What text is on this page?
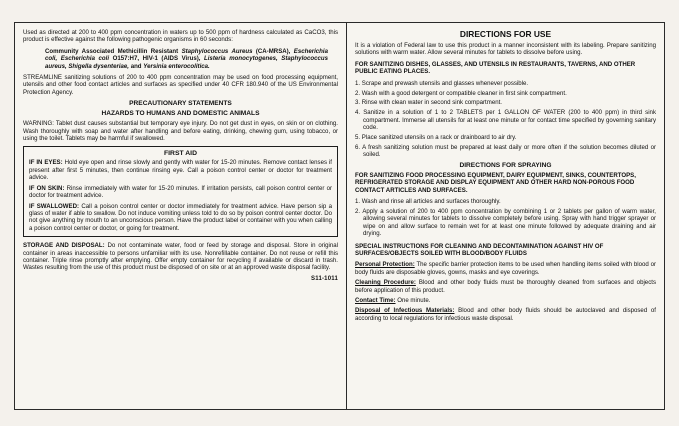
Used as directed at 200 to 400 ppm concentration in waters up to 500 ppm of hardness calculated as CaCO3, this product is effective against the following pathogenic organisms in 60 seconds:

Community Associated Methicillin Resistant Staphylococcus Aureus (CA-MRSA), Escherichia coli, Escherichia coli O157:H7, HIV-1 (AIDS Virus), Listeria monocytogenes, Staphylococcus aureus, Shigella dysenteriae, and Yersinia enterocolitica.

STREAMLINE sanitizing solutions of 200 to 400 ppm concentration may be used on food processing equipment, utensils and other food contact articles and surfaces as specified under 40 CFR 180.940 of the US Environmental Protection Agency.

PRECAUTIONARY STATEMENTS
HAZARDS TO HUMANS AND DOMESTIC ANIMALS

WARNING: Tablet dust causes substantial but temporary eye injury. Do not get dust in eyes, on skin or on clothing. Wash thoroughly with soap and water after handling and before eating, drinking, chewing gum, using tobacco, or using the toilet. Tablets may be harmful if swallowed.

FIRST AID

IF IN EYES: Hold eye open and rinse slowly and gently with water for 15-20 minutes. Remove contact lenses if present after first 5 minutes, then continue rinsing eye. Call a poison control center or doctor for treatment advice.

IF ON SKIN: Rinse immediately with water for 15-20 minutes. If irritation persists, call poison control center or doctor for treatment advice.

IF SWALLOWED: Call a poison control center or doctor immediately for treatment advice. Have person sip a glass of water if able to swallow. Do not induce vomiting unless told to do so by poison control center doctor. Do not give anything by mouth to an unconscious person. Have the product label or container with you when calling a poison control center or doctor, or going for treatment.

STORAGE AND DISPOSAL: Do not contaminate water, food or feed by storage and disposal. Store in original container in areas inaccessible to persons unfamiliar with its use. Nonrefillable container. Do not reuse or refill this container. Triple rinse promptly after emptying. Offer empty container for recycling if available or discard in trash. Wastes resulting from the use of this product must be disposed of on site or at an approved waste disposal facility.

S11-1011
DIRECTIONS FOR USE

It is a violation of Federal law to use this product in a manner inconsistent with its labeling. Prepare sanitizing solutions with warm water. Allow several minutes for tablets to dissolve before using.

FOR SANITIZING DISHES, GLASSES, AND UTENSILS IN RESTAURANTS, TAVERNS, AND OTHER PUBLIC EATING PLACES.

1. Scrape and prewash utensils and glasses whenever possible.

2. Wash with a good detergent or compatible cleaner in first sink compartment.

3. Rinse with clean water in second sink compartment.

4. Sanitize in a solution of 1 to 2 TABLETS per 1 GALLON OF WATER (200 to 400 ppm) in third sink compartment. Immerse all utensils for at least one minute or for contact time specified by governing sanitary code.

5. Place sanitized utensils on a rack or drainboard to air dry.

6. A fresh sanitizing solution must be prepared at least daily or more often if the solution becomes diluted or soiled.

DIRECTIONS FOR SPRAYING

FOR SANITIZING FOOD PROCESSING EQUIPMENT, DAIRY EQUIPMENT, SINKS, COUNTERTOPS, REFRIGERATED STORAGE AND DISPLAY EQUIPMENT AND OTHER HARD NON-POROUS FOOD CONTACT ARTICLES AND SURFACES.

1. Wash and rinse all articles and surfaces thoroughly.

2. Apply a solution of 200 to 400 ppm concentration by combining 1 or 2 tablets per gallon of warm water, allowing several minutes for tablets to dissolve completely before using. Spray with hand trigger sprayer or wipe on and allow surface to remain wet for at least one minute followed by adequate draining and air drying.

SPECIAL INSTRUCTIONS FOR CLEANING AND DECONTAMINATION AGAINST HIV OF SURFACES/OBJECTS SOILED WITH BLOOD/BODY FLUIDS

Personal Protection: The specific barrier protection items to be used when handling items soiled with blood or body fluids are disposable gloves, gowns, masks and eye coverings.

Cleaning Procedure: Blood and other body fluids must be thoroughly cleaned from surfaces and objects before application of this product.

Contact Time: One minute.

Disposal of Infectious Materials: Blood and other body fluids should be autoclaved and disposed of according to local regulations for infectious waste disposal.
